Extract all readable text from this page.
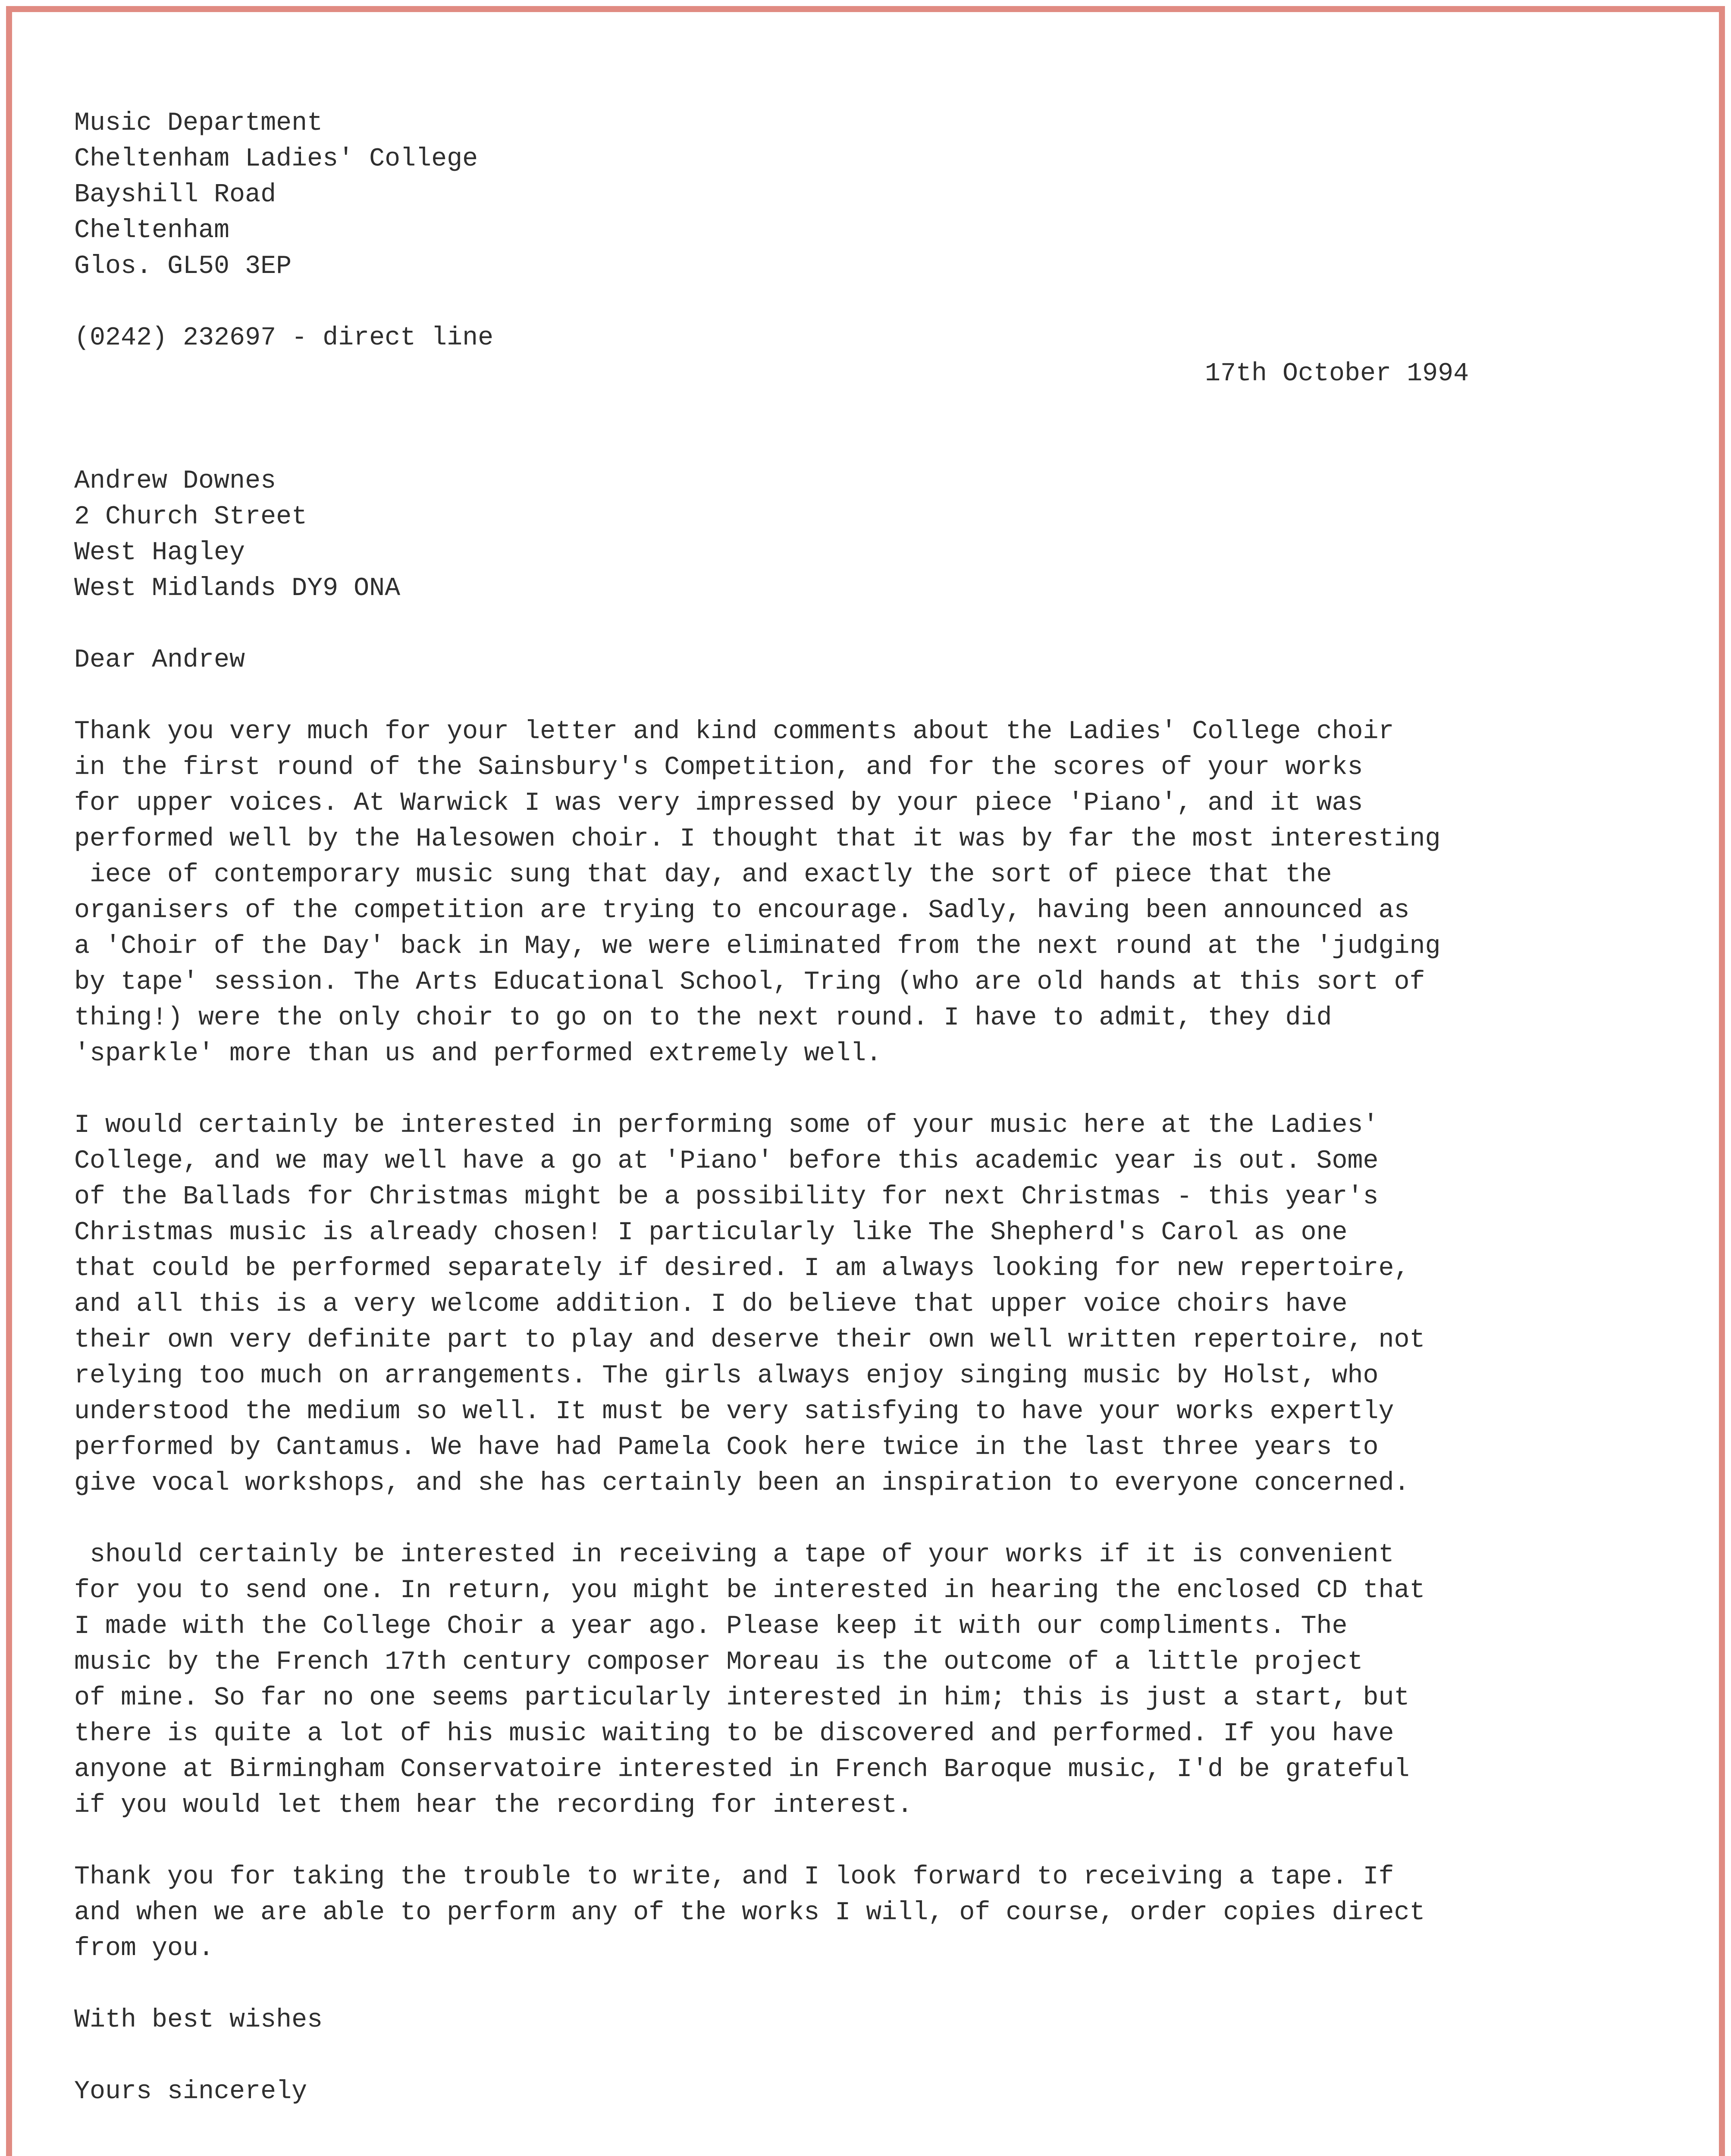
Music Department
Cheltenham Ladies' College
Bayshill Road
Cheltenham
Glos. GL50 3EP
(0242) 232697 - direct line
17th October 1994
Andrew Downes
2 Church Street
West Hagley
West Midlands DY9 ONA
Dear Andrew
Thank you very much for your letter and kind comments about the Ladies' College choir
in the first round of the Sainsbury's Competition, and for the scores of your works
for upper voices. At Warwick I was very impressed by your piece 'Piano', and it was
performed well by the Halesowen choir. I thought that it was by far the most interesting
iece of contemporary music sung that day, and exactly the sort of piece that the
organisers of the competition are trying to encourage. Sadly, having been announced as
a 'Choir of the Day' back in May, we were eliminated from the next round at the 'judging
by tape' session. The Arts Educational School, Tring (who are old hands at this sort of
thing!) were the only choir to go on to the next round. I have to admit, they did
'sparkle' more than us and performed extremely well.
I would certainly be interested in performing some of your music here at the Ladies'
College, and we may well have a go at 'Piano' before this academic year is out. Some
of the Ballads for Christmas might be a possibility for next Christmas - this year's
Christmas music is already chosen! I particularly like The Shepherd's Carol as one
that could be performed separately if desired. I am always looking for new repertoire,
and all this is a very welcome addition. I do believe that upper voice choirs have
their own very definite part to play and deserve their own well written repertoire, not
relying too much on arrangements. The girls always enjoy singing music by Holst, who
understood the medium so well. It must be very satisfying to have your works expertly
performed by Cantamus. We have had Pamela Cook here twice in the last three years to
give vocal workshops, and she has certainly been an inspiration to everyone concerned.
should certainly be interested in receiving a tape of your works if it is convenient
for you to send one. In return, you might be interested in hearing the enclosed CD that
I made with the College Choir a year ago. Please keep it with our compliments. The
music by the French 17th century composer Moreau is the outcome of a little project
of mine. So far no one seems particularly interested in him; this is just a start, but
there is quite a lot of his music waiting to be discovered and performed. If you have
anyone at Birmingham Conservatoire interested in French Baroque music, I'd be grateful
if you would let them hear the recording for interest.
Thank you for taking the trouble to write, and I look forward to receiving a tape. If
and when we are able to perform any of the works I will, of course, order copies direct
from you.
With best wishes
Yours sincerely
